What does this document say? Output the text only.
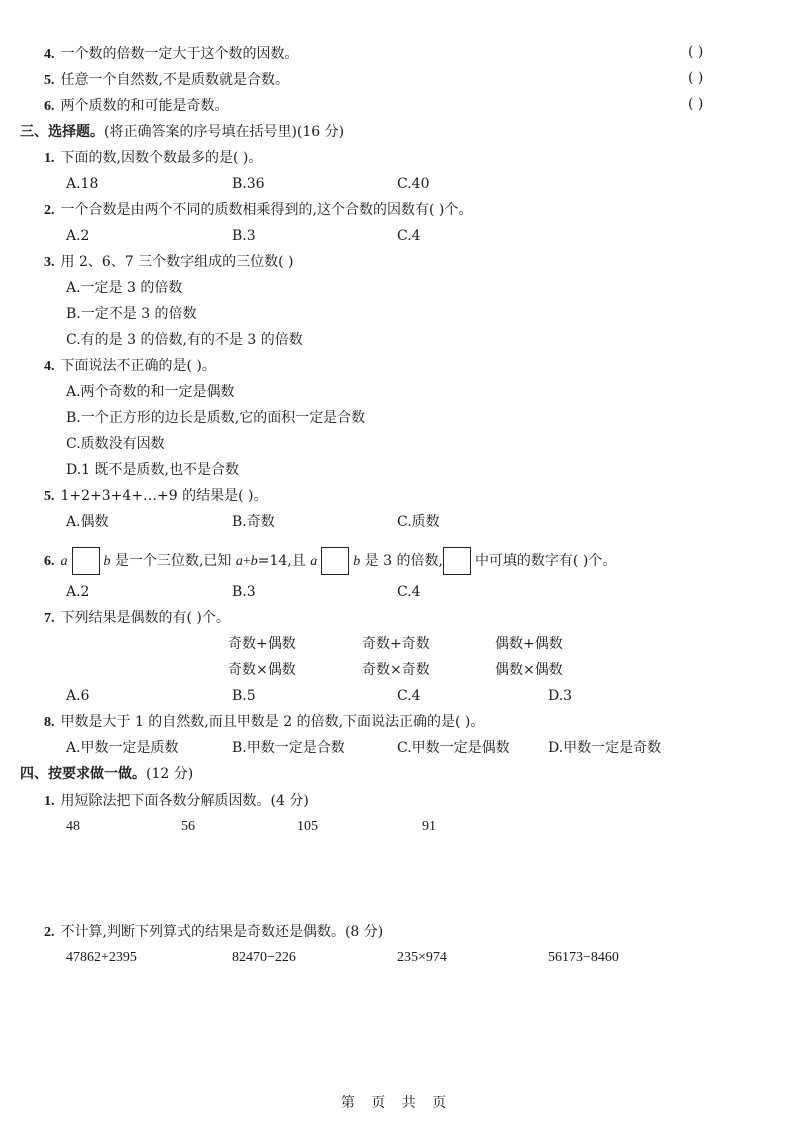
4. 一个数的倍数一定大于这个数的因数。	( )
5. 任意一个自然数,不是质数就是合数。	( )
6. 两个质数的和可能是奇数。	( )
三、选择题。(将正确答案的序号填在括号里)(16 分)
1. 下面的数,因数个数最多的是( )。
A.18	B.36	C.40
2. 一个合数是由两个不同的质数相乘得到的,这个合数的因数有( )个。
A.2	B.3	C.4
3. 用 2、6、7 三个数字组成的三位数( )
A.一定是 3 的倍数
B.一定不是 3 的倍数
C.有的是 3 的倍数,有的不是 3 的倍数
4. 下面说法不正确的是( )。
A.两个奇数的和一定是偶数
B.一个正方形的边长是质数,它的面积一定是合数
C.质数没有因数
D.1 既不是质数,也不是合数
5. 1+2+3+4+…+9 的结果是( )。
A.偶数	B.奇数	C.质数
6. a	b 是一个三位数,已知 a+b=14,且 a	b 是 3 的倍数, 中可填的数字有( )个。
A.2	B.3	C.4
7. 下列结果是偶数的有( )个。
奇数+偶数	奇数+奇数	偶数+偶数
奇数×偶数	奇数×奇数	偶数×偶数
A.6	B.5	C.4	D.3
8. 甲数是大于 1 的自然数,而且甲数是 2 的倍数,下面说法正确的是( )。
A.甲数一定是质数	B.甲数一定是合数	C.甲数一定是偶数	D.甲数一定是奇数
四、按要求做一做。(12 分)
1. 用短除法把下面各数分解质因数。(4 分)
48	56	105	91
2. 不计算,判断下列算式的结果是奇数还是偶数。(8 分)
47862+2395	82470−226	235×974	56173−8460
第 页 共 页
